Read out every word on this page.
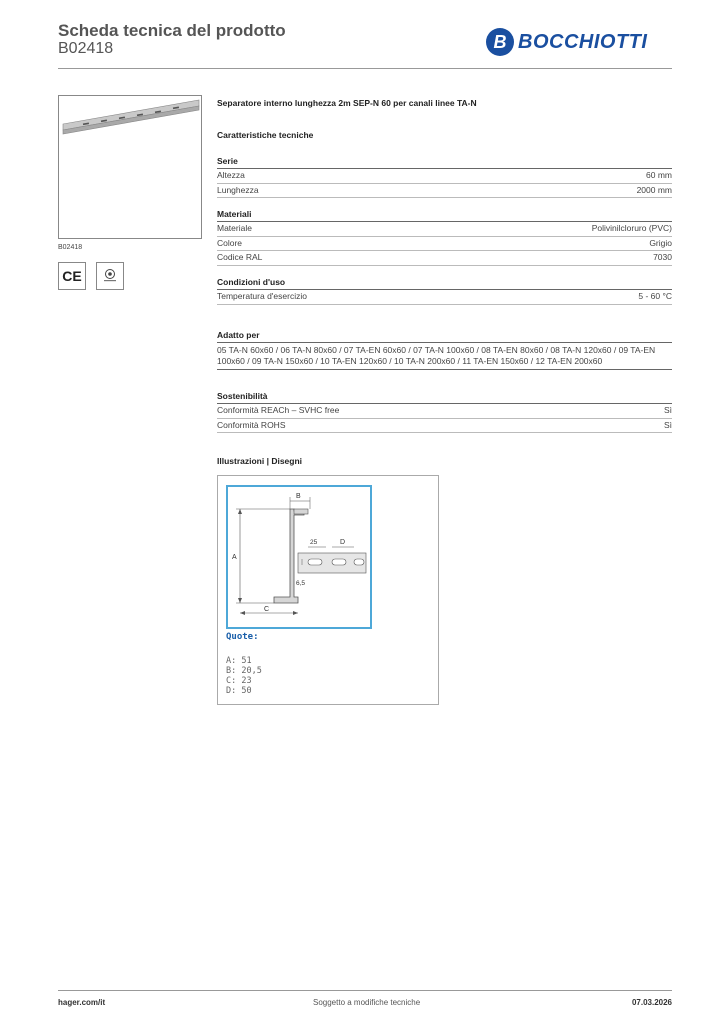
Scheda tecnica del prodotto
B02418	B BOCCHIOTTI
B02418
CE
Separatore interno lunghezza 2m SEP-N 60 per canali linee TA-N
Caratteristiche tecniche
Serie
Altezza	60 mm
Lunghezza	2000 mm
Materiali
Materiale	Polivinilcloruro (PVC)
Colore	Grigio
Codice RAL	7030
Condizioni d'uso
Temperatura d'esercizio	5 - 60 °C
Adatto per
05 TA-N 60x60 / 06 TA-N 80x60 / 07 TA-EN 60x60 / 07 TA-N 100x60 / 08 TA-EN 80x60 / 08 TA-N 120x60 / 09 TA-EN 100x60 / 09 TA-N 150x60 / 10 TA-EN 120x60 / 10 TA-N 200x60 / 11 TA-EN 150x60 / 12 TA-EN 200x60
Sostenibilità
Conformità REACh – SVHC free	Sì
Conformità ROHS	Sì
Illustrazioni | Disegni
A
B
C
25	D
6,5
Quote:
A: 51
B: 20,5
C: 23
D: 50
hager.com/it	Soggetto a modifiche tecniche	07.03.2026
